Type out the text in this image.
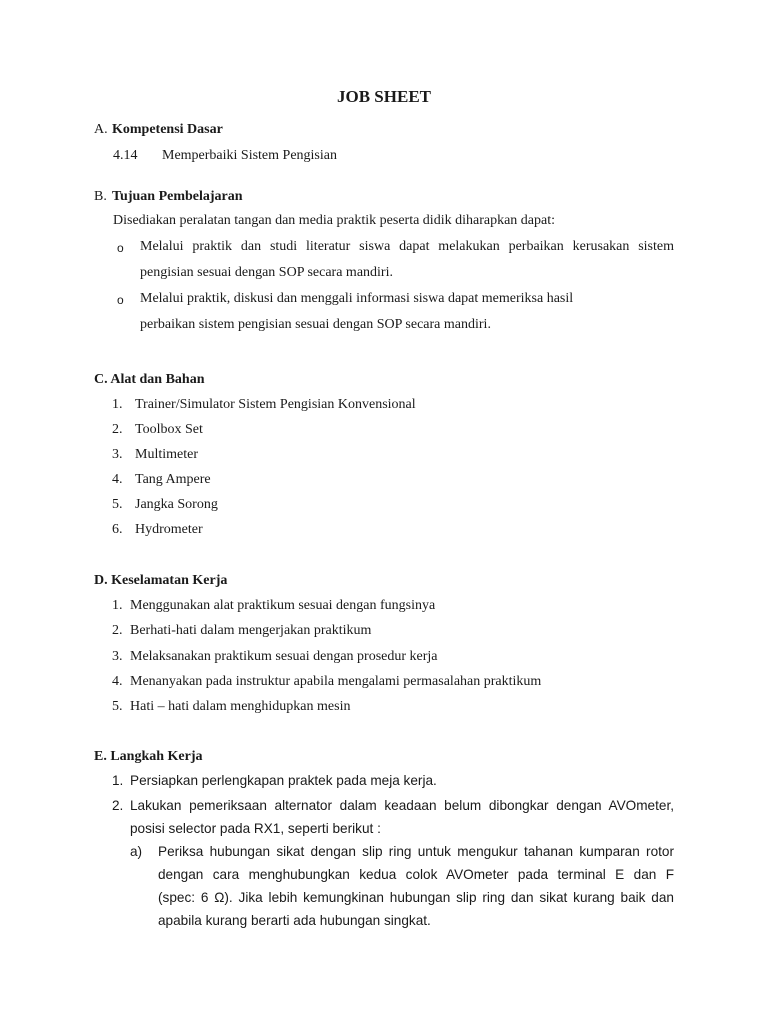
JOB SHEET
A. Kompetensi Dasar
4.14 Memperbaiki Sistem Pengisian
B. Tujuan Pembelajaran
Disediakan peralatan tangan dan media praktik peserta didik diharapkan dapat:
o Melalui praktik dan studi literatur siswa dapat melakukan perbaikan kerusakan sistem
pengisian sesuai dengan SOP secara mandiri.
o Melalui praktik, diskusi dan menggali informasi siswa dapat memeriksa hasil
perbaikan sistem pengisian sesuai dengan SOP secara mandiri.
C. Alat dan Bahan
1. Trainer/Simulator Sistem Pengisian Konvensional
2. Toolbox Set
3. Multimeter
4. Tang Ampere
5. Jangka Sorong
6. Hydrometer
D. Keselamatan Kerja
1. Menggunakan alat praktikum sesuai dengan fungsinya
2. Berhati-hati dalam mengerjakan praktikum
3. Melaksanakan praktikum sesuai dengan prosedur kerja
4. Menanyakan pada instruktur apabila mengalami permasalahan praktikum
5. Hati – hati dalam menghidupkan mesin
E. Langkah Kerja
1. Persiapkan perlengkapan praktek pada meja kerja.
2. Lakukan pemeriksaan alternator dalam keadaan belum dibongkar dengan AVOmeter,
posisi selector pada RX1, seperti berikut :
a) Periksa hubungan sikat dengan slip ring untuk mengukur tahanan kumparan rotor
dengan cara menghubungkan kedua colok AVOmeter pada terminal E dan F
(spec: 6 Ω). Jika lebih kemungkinan hubungan slip ring dan sikat kurang baik dan
apabila kurang berarti ada hubungan singkat.
